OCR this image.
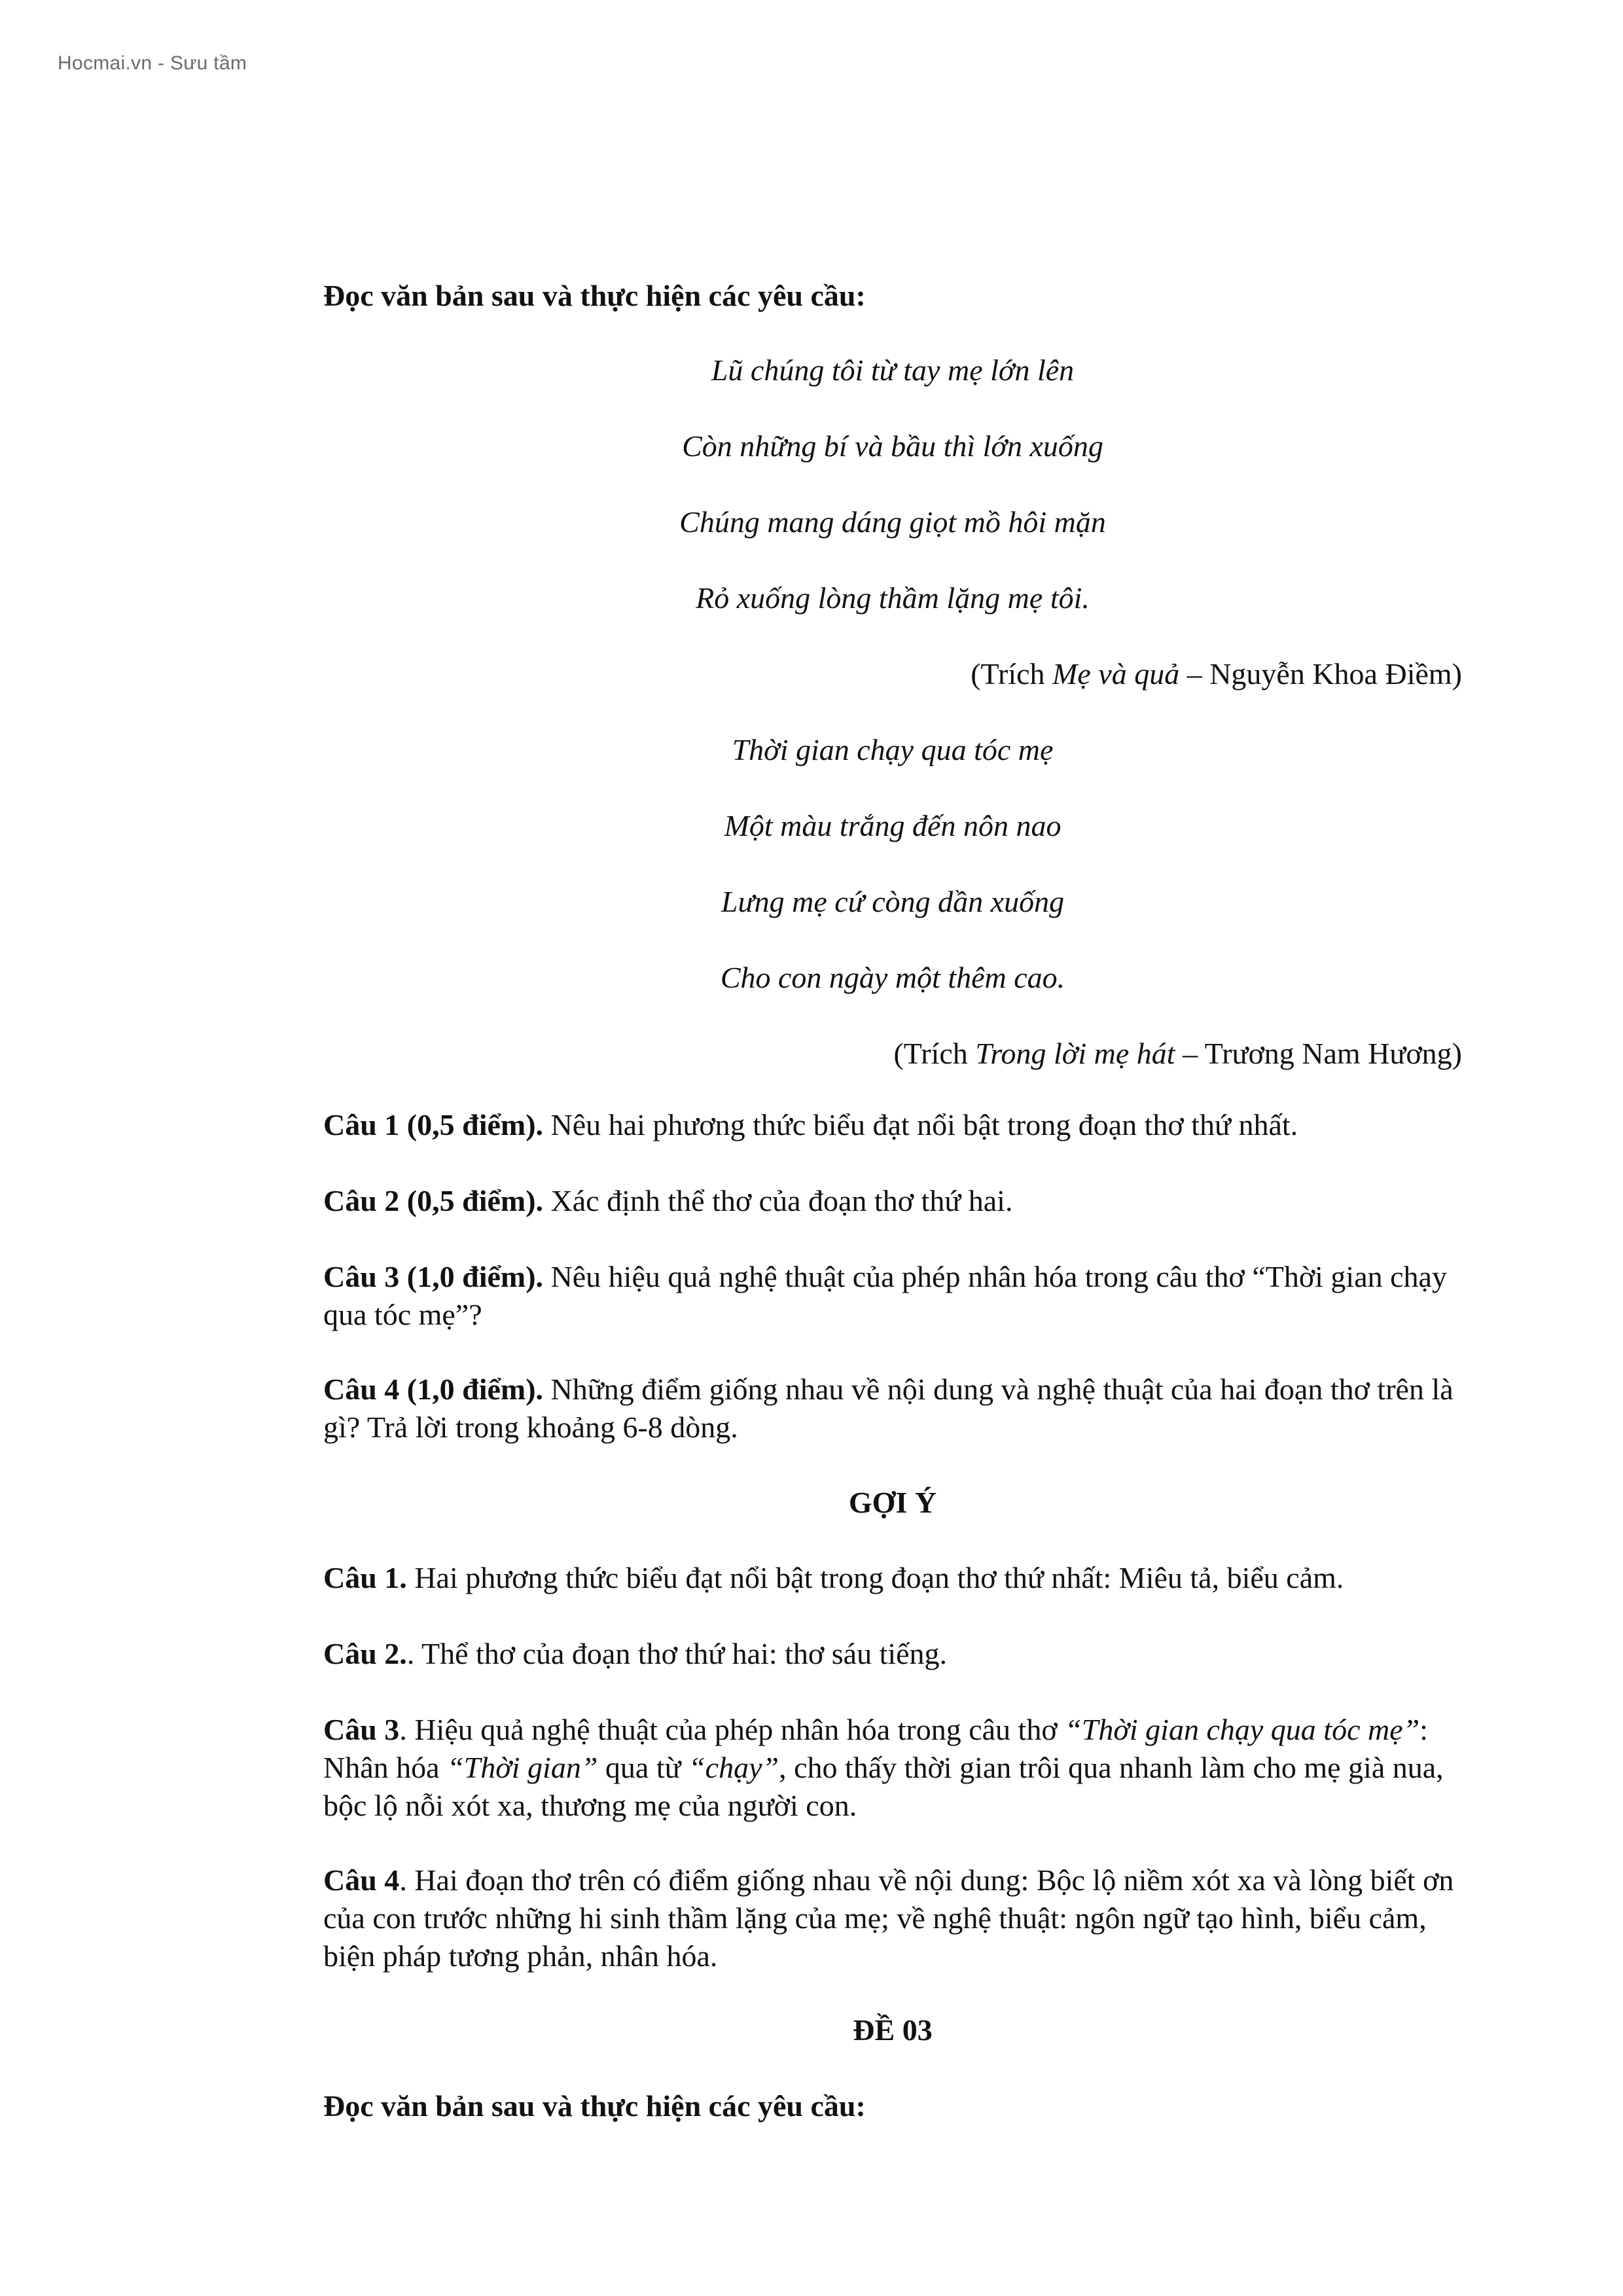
Hocmai.vn - Sưu tầm
Đọc văn bản sau và thực hiện các yêu cầu:
Lũ chúng tôi từ tay mẹ lớn lên
Còn những bí và bầu thì lớn xuống
Chúng mang dáng giọt mồ hôi mặn
Rỏ xuống lòng thầm lặng mẹ tôi.
(Trích Mẹ và quả – Nguyễn Khoa Điềm)
Thời gian chạy qua tóc mẹ
Một màu trắng đến nôn nao
Lưng mẹ cứ còng dần xuống
Cho con ngày một thêm cao.
(Trích Trong lời mẹ hát – Trương Nam Hương)
Câu 1 (0,5 điểm). Nêu hai phương thức biểu đạt nổi bật trong đoạn thơ thứ nhất.
Câu 2 (0,5 điểm). Xác định thể thơ của đoạn thơ thứ hai.
Câu 3 (1,0 điểm). Nêu hiệu quả nghệ thuật của phép nhân hóa trong câu thơ “Thời gian chạy qua tóc mẹ”?
Câu 4 (1,0 điểm). Những điểm giống nhau về nội dung và nghệ thuật của hai đoạn thơ trên là gì? Trả lời trong khoảng 6-8 dòng.
GỢI Ý
Câu 1. Hai phương thức biểu đạt nổi bật trong đoạn thơ thứ nhất: Miêu tả, biểu cảm.
Câu 2.. Thể thơ của đoạn thơ thứ hai: thơ sáu tiếng.
Câu 3. Hiệu quả nghệ thuật của phép nhân hóa trong câu thơ “Thời gian chạy qua tóc mẹ”: Nhân hóa “Thời gian” qua từ “chạy”, cho thấy thời gian trôi qua nhanh làm cho mẹ già nua, bộc lộ nỗi xót xa, thương mẹ của người con.
Câu 4. Hai đoạn thơ trên có điểm giống nhau về nội dung: Bộc lộ niềm xót xa và lòng biết ơn của con trước những hi sinh thầm lặng của mẹ; về nghệ thuật: ngôn ngữ tạo hình, biểu cảm, biện pháp tương phản, nhân hóa.
ĐỀ 03
Đọc văn bản sau và thực hiện các yêu cầu:
